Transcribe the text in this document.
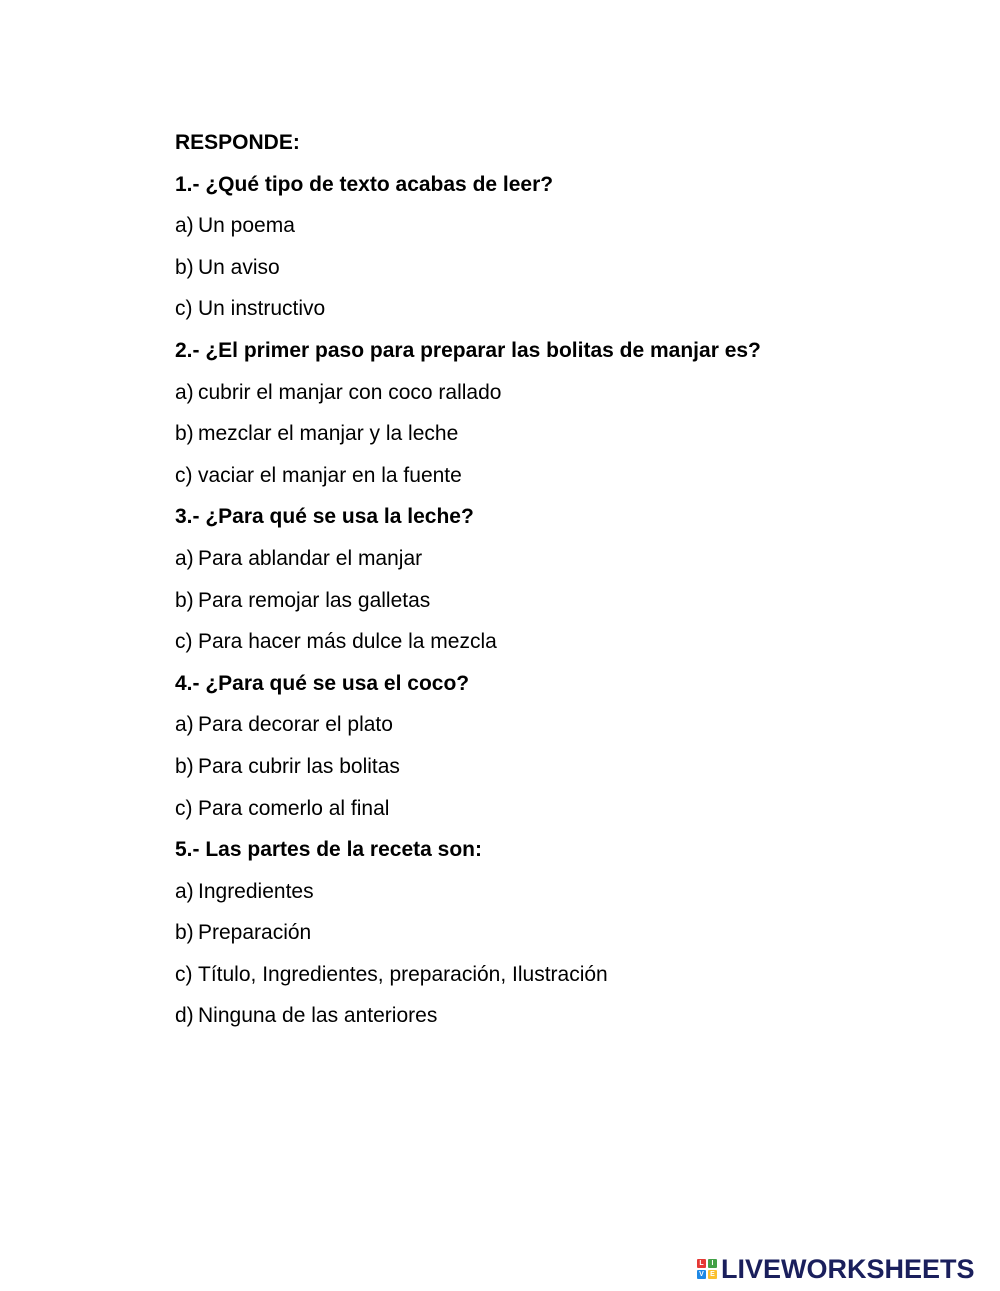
RESPONDE:
1.- ¿Qué tipo de texto acabas de leer?
a) Un poema
b) Un aviso
c) Un instructivo
2.- ¿El primer paso para preparar las bolitas de manjar es?
a) cubrir el manjar con coco rallado
b) mezclar el manjar y la leche
c) vaciar el manjar en la fuente
3.- ¿Para qué se usa la leche?
a) Para ablandar el manjar
b) Para remojar las galletas
c) Para hacer más dulce la mezcla
4.- ¿Para qué se usa el coco?
a) Para decorar el plato
b) Para cubrir las bolitas
c) Para comerlo al final
5.- Las partes de la receta son:
a) Ingredientes
b) Preparación
c) Título, Ingredientes, preparación, Ilustración
d) Ninguna de las anteriores
L	I
V E LIVEWORKSHEETS
